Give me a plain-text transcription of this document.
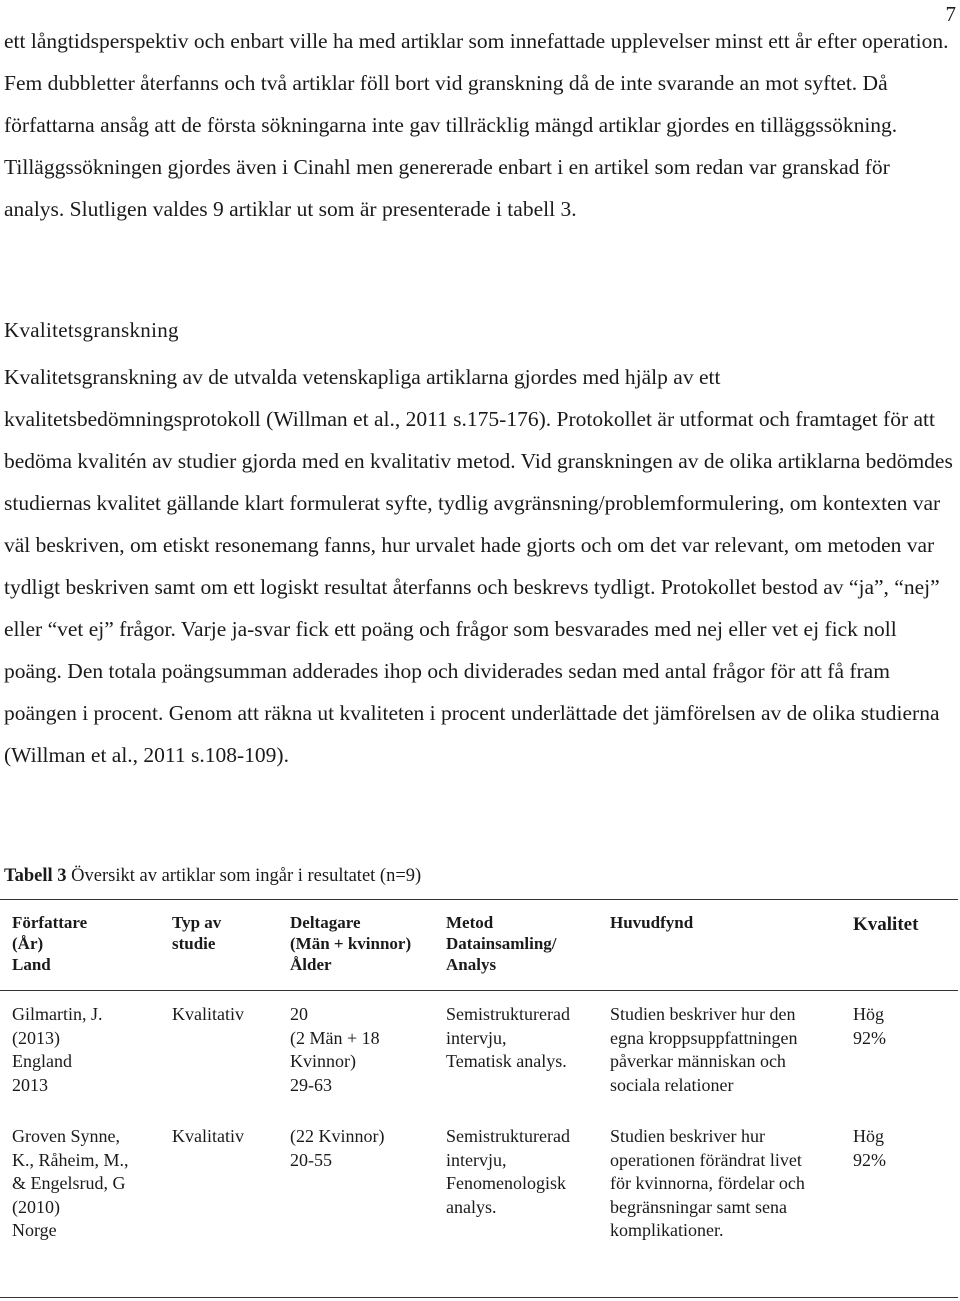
7

ett långtidsperspektiv och enbart ville ha med artiklar som innefattade upplevelser minst ett år efter operation. Fem dubbletter återfanns och två artiklar föll bort vid granskning då de inte svarande an mot syftet. Då författarna ansåg att de första sökningarna inte gav tillräcklig mängd artiklar gjordes en tilläggssökning. Tilläggssökningen gjordes även i Cinahl men genererade enbart i en artikel som redan var granskad för analys. Slutligen valdes 9 artiklar ut som är presenterade i tabell 3.

Kvalitetsgranskning

Kvalitetsgranskning av de utvalda vetenskapliga artiklarna gjordes med hjälp av ett kvalitetsbedömningsprotokoll (Willman et al., 2011 s.175-176). Protokollet är utformat och framtaget för att bedöma kvalitén av studier gjorda med en kvalitativ metod. Vid granskningen av de olika artiklarna bedömdes studiernas kvalitet gällande klart formulerat syfte, tydlig avgränsning/problemformulering, om kontexten var väl beskriven, om etiskt resonemang fanns, hur urvalet hade gjorts och om det var relevant, om metoden var tydligt beskriven samt om ett logiskt resultat återfanns och beskrevs tydligt. Protokollet bestod av “ja”, “nej” eller “vet ej” frågor. Varje ja-svar fick ett poäng och frågor som besvarades med nej eller vet ej fick noll poäng. Den totala poängsumman adderades ihop och dividerades sedan med antal frågor för att få fram poängen i procent. Genom att räkna ut kvaliteten i procent underlättade det jämförelsen av de olika studierna (Willman et al., 2011 s.108-109).

Tabell 3 Översikt av artiklar som ingår i resultatet (n=9)

Författare
(År)
Land	Typ av
studie	Deltagare
(Män + kvinnor)
Ålder	Metod
Datainsamling/
Analys	Huvudfynd	Kvalitet

Gilmartin, J.
(2013)
England
2013	Kvalitativ	20
(2 Män + 18
Kvinnor)
29-63	Semistrukturerad
intervju,
Tematisk analys.	Studien beskriver hur den
egna kroppsuppfattningen
påverkar människan och
sociala relationer	Hög
92%

Groven Synne,
K., Råheim, M.,
& Engelsrud, G
(2010)
Norge	Kvalitativ	(22 Kvinnor)
20-55	Semistrukturerad
intervju,
Fenomenologisk
analys.	Studien beskriver hur
operationen förändrat livet
för kvinnorna, fördelar och
begränsningar samt sena
komplikationer.	Hög
92%
